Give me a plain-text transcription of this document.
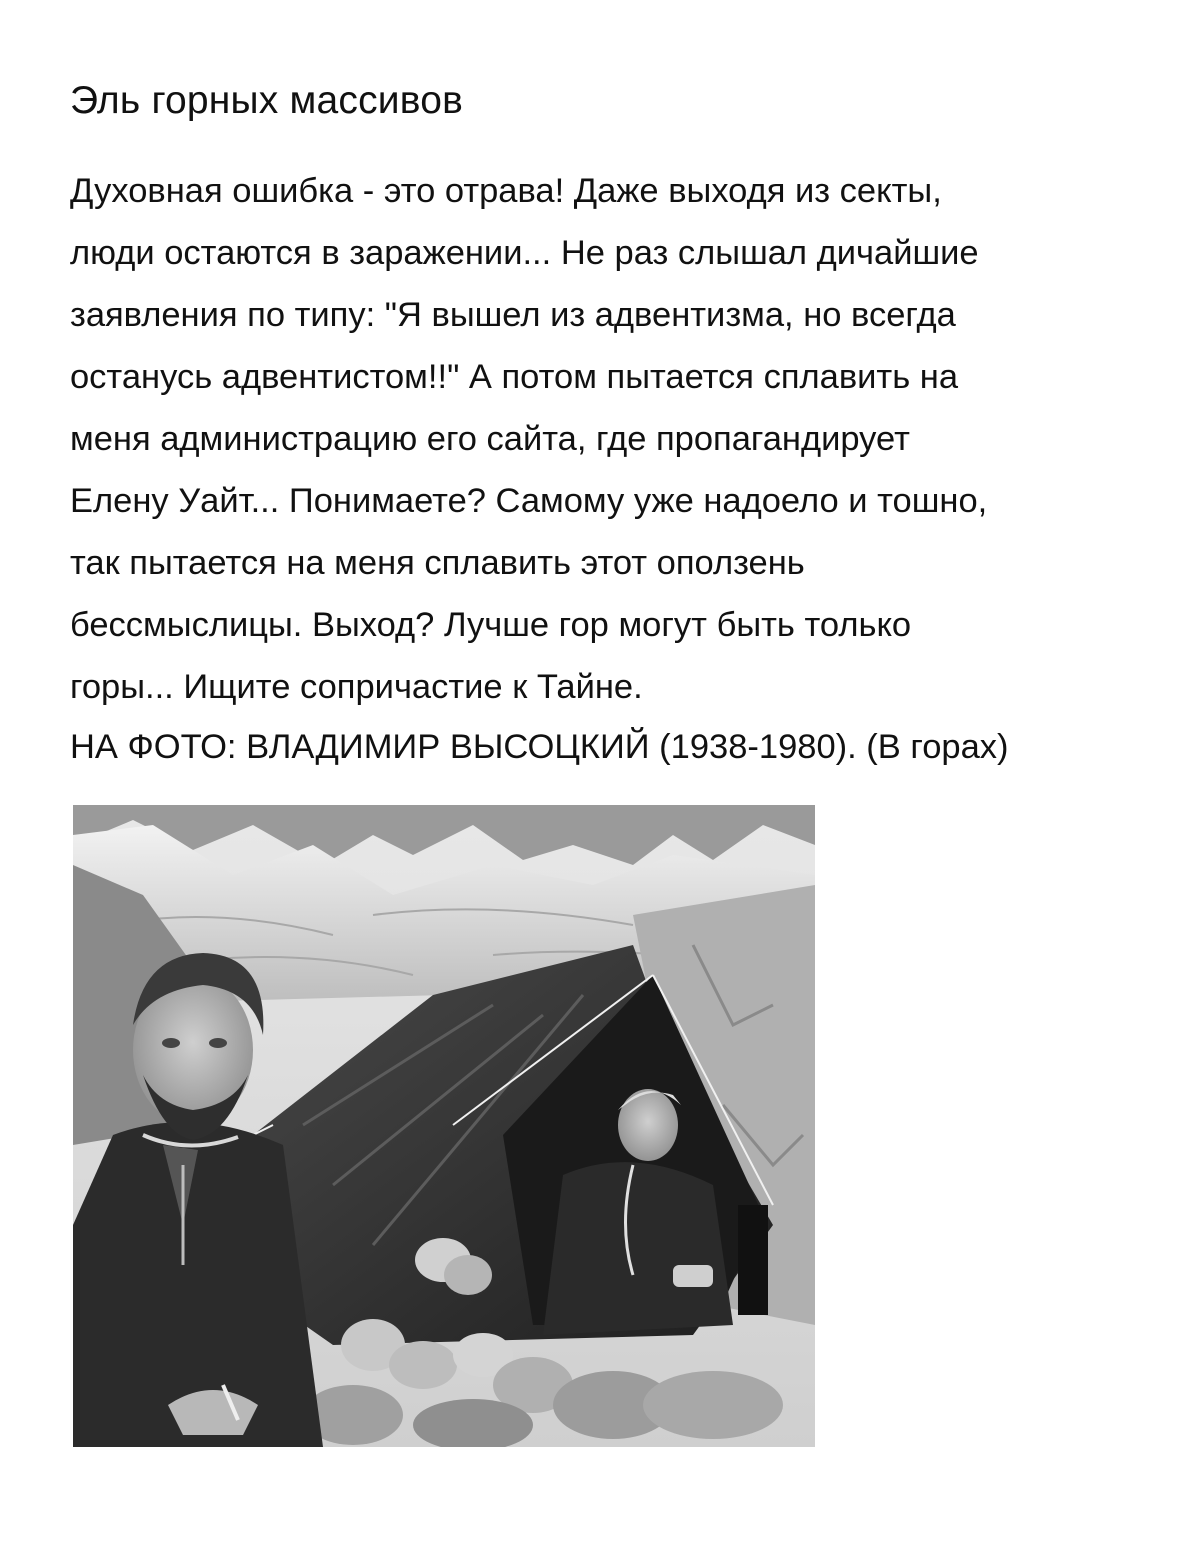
Эль горных массивов
Духовная ошибка - это отрава! Даже выходя из секты,
люди остаются в заражении... Не раз слышал дичайшие
заявления по типу: "Я вышел из адвентизма, но всегда
останусь адвентистом!!" А потом пытается сплавить на
меня администрацию его сайта, где пропагандирует
Елену Уайт... Понимаете? Самому уже надоело и тошно,
так пытается на меня сплавить этот оползень
бессмыслицы. Выход? Лучше гор могут быть только
горы... Ищите сопричастие к Тайне.
НА ФОТО: ВЛАДИМИР ВЫСОЦКИЙ (1938-1980). (В горах)
